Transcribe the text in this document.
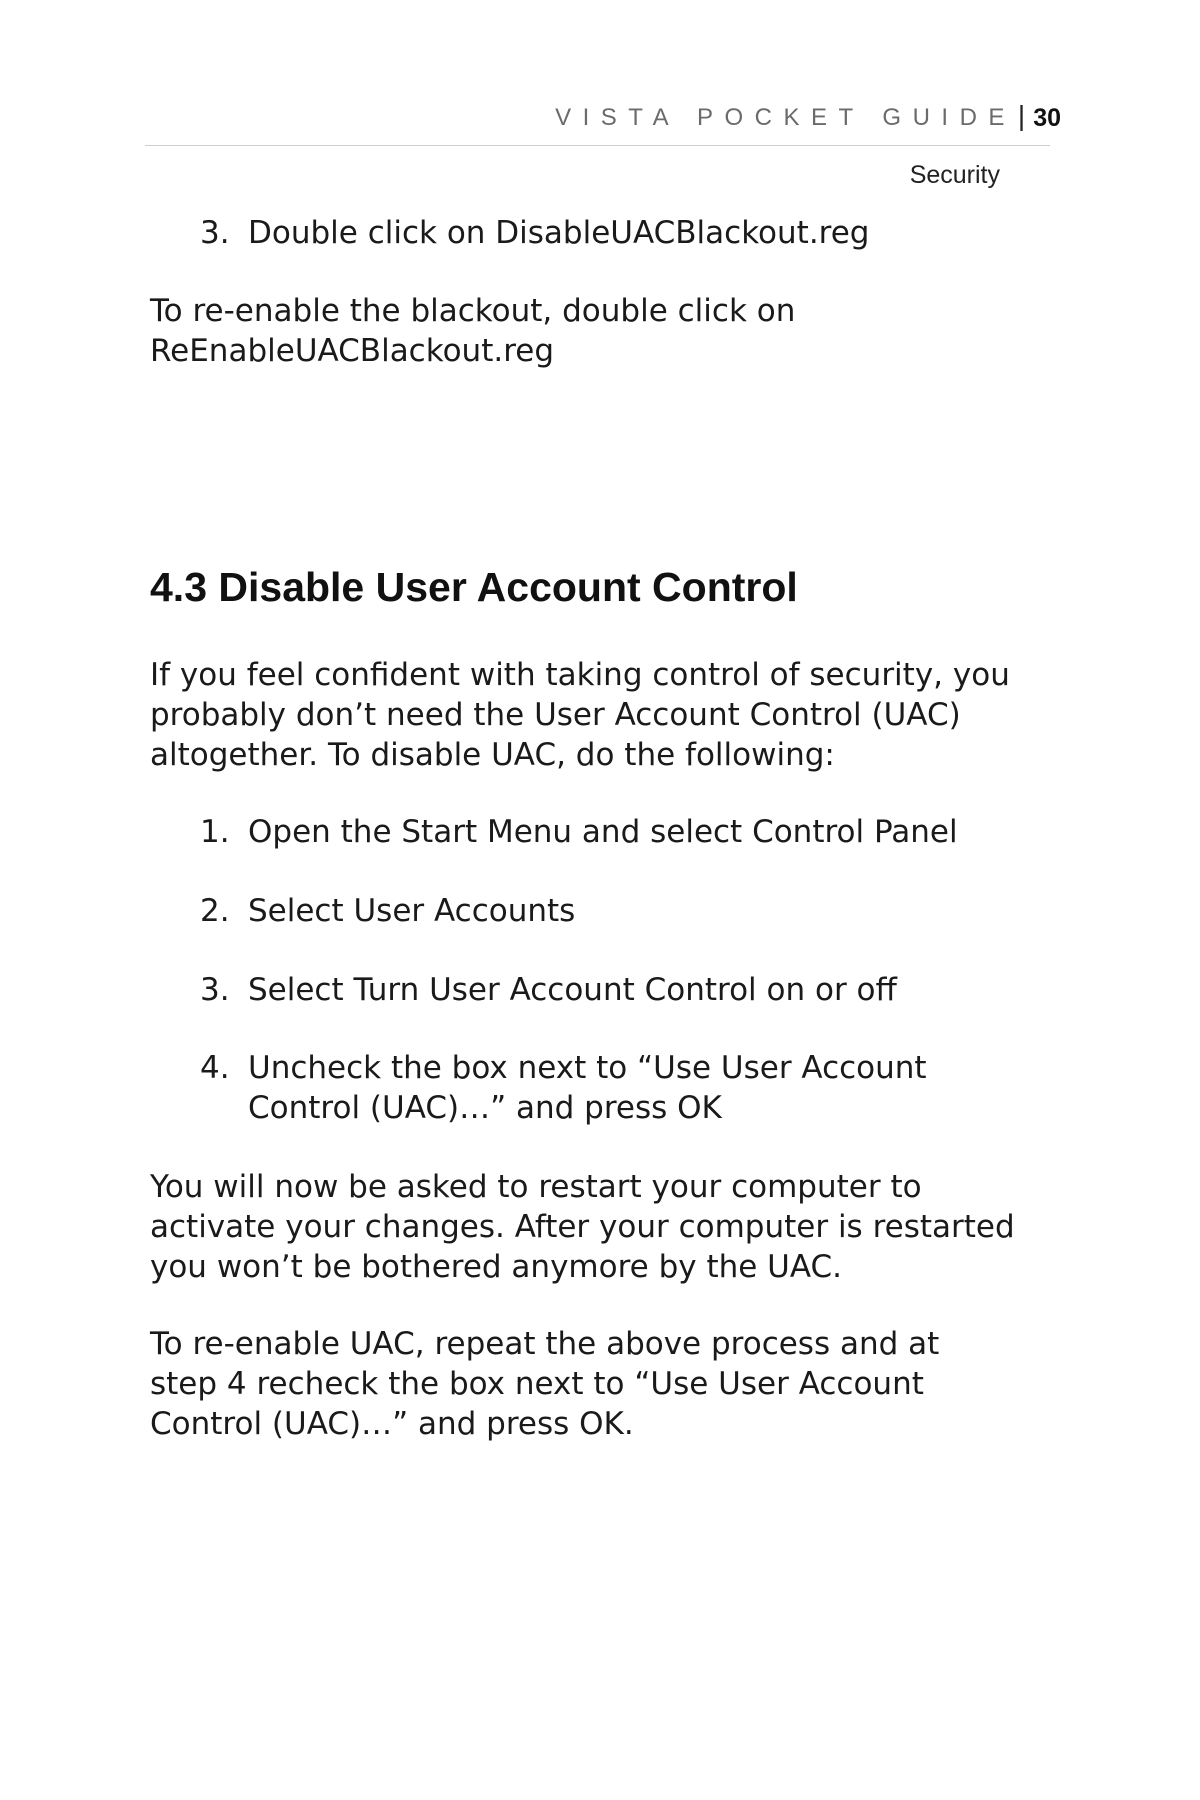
VISTA POCKET GUIDE | 30
Security
3. Double click on DisableUACBlackout.reg
To re-enable the blackout, double click on
ReEnableUACBlackout.reg
4.3 Disable User Account Control
If you feel confident with taking control of security, you
probably don’t need the User Account Control (UAC)
altogether. To disable UAC, do the following:
1. Open the Start Menu and select Control Panel
2. Select User Accounts
3. Select Turn User Account Control on or off
4. Uncheck the box next to “Use User Account
Control (UAC)…” and press OK
You will now be asked to restart your computer to
activate your changes. After your computer is restarted
you won’t be bothered anymore by the UAC.
To re-enable UAC, repeat the above process and at
step 4 recheck the box next to “Use User Account
Control (UAC)…” and press OK.
